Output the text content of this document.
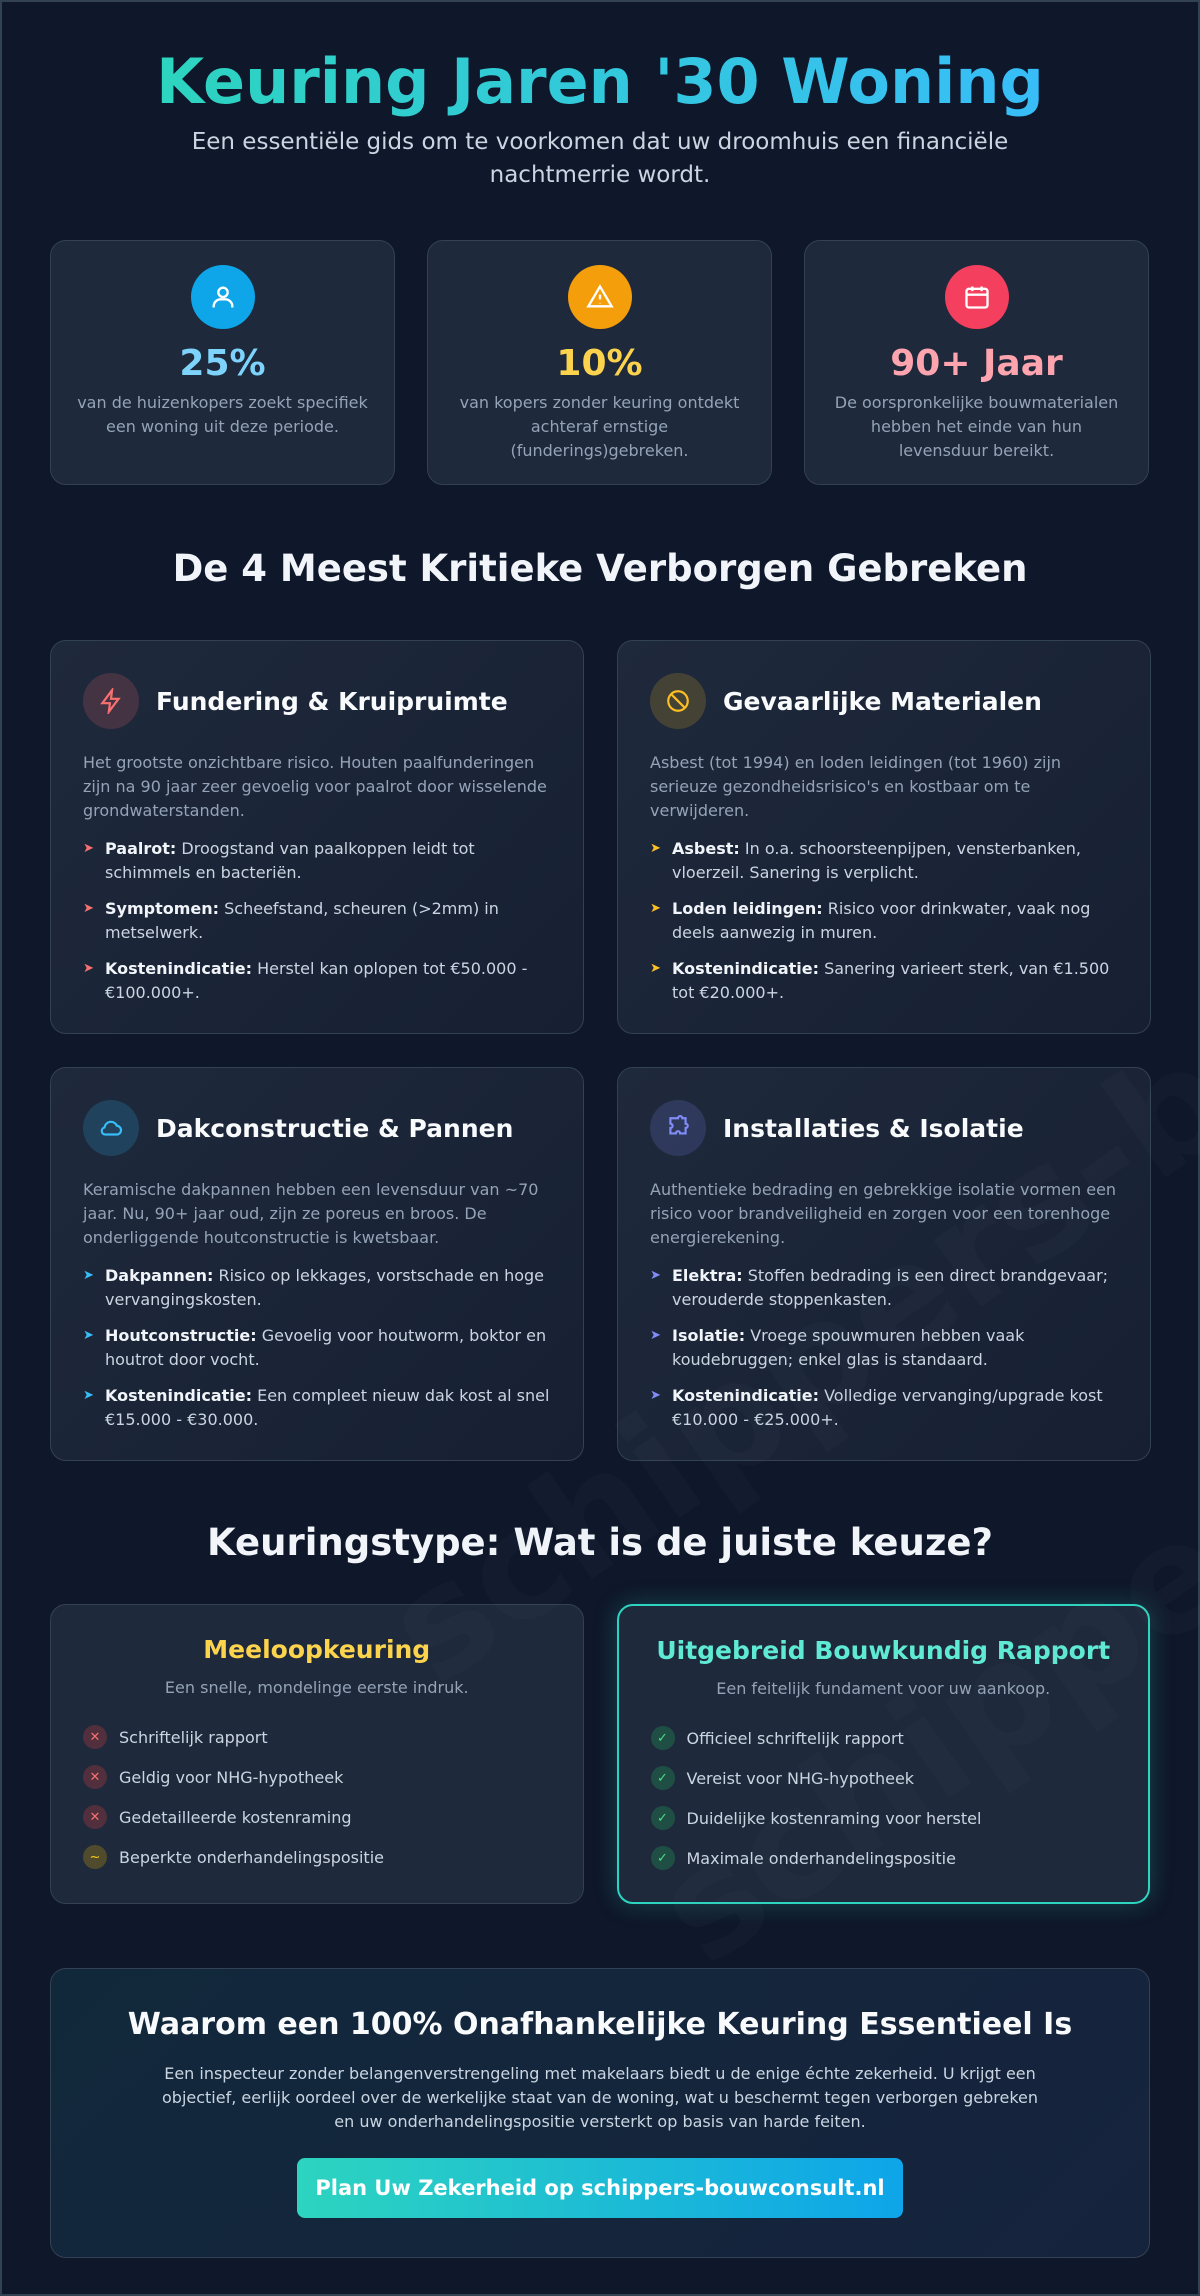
Keuring Jaren '30 Woning

Een essentiële gids om te voorkomen dat uw droomhuis een financiële nachtmerrie wordt.

25%

van de huizenkopers zoekt specifiek een woning uit deze periode.

10%

van kopers zonder keuring ontdekt achteraf ernstige (funderings)gebreken.

90+ Jaar

De oorspronkelijke bouwmaterialen hebben het einde van hun levensduur bereikt.

De 4 Meest Kritieke Verborgen Gebreken
Fundering & Kruipruimte

Het grootste onzichtbare risico. Houten paalfunderingen zijn na 90 jaar zeer gevoelig voor paalrot door wisselende grondwaterstanden.

➤ Paalrot: Droogstand van paalkoppen leidt tot schimmels en bacteriën.
➤ Symptomen: Scheefstand, scheuren (>2mm) in metselwerk.
➤ Kostenindicatie: Herstel kan oplopen tot €50.000 - €100.000+.
Gevaarlijke Materialen

Asbest (tot 1994) en loden leidingen (tot 1960) zijn serieuze gezondheidsrisico's en kostbaar om te verwijderen.

➤ Asbest: In o.a. schoorsteenpijpen, vensterbanken, vloerzeil. Sanering is verplicht.
➤ Loden leidingen: Risico voor drinkwater, vaak nog deels aanwezig in muren.
➤ Kostenindicatie: Sanering varieert sterk, van €1.500 tot €20.000+.
Dakconstructie & Pannen

Keramische dakpannen hebben een levensduur van ~70 jaar. Nu, 90+ jaar oud, zijn ze poreus en broos. De onderliggende houtconstructie is kwetsbaar.

➤ Dakpannen: Risico op lekkages, vorstschade en hoge vervangingskosten.
➤ Houtconstructie: Gevoelig voor houtworm, boktor en houtrot door vocht.
➤ Kostenindicatie: Een compleet nieuw dak kost al snel €15.000 - €30.000.
Installaties & Isolatie

Authentieke bedrading en gebrekkige isolatie vormen een risico voor brandveiligheid en zorgen voor een torenhoge energierekening.

➤ Elektra: Stoffen bedrading is een direct brandgevaar; verouderde stoppenkasten.
➤ Isolatie: Vroege spouwmuren hebben vaak koudebruggen; enkel glas is standaard.
➤ Kostenindicatie: Volledige vervanging/upgrade kost €10.000 - €25.000+.
Keuringstype: Wat is de juiste keuze?
Meeloopkeuring

Een snelle, mondelinge eerste indruk.

✕	Schriftelijk rapport
✕	Geldig voor NHG-hypotheek
✕	Gedetailleerde kostenraming
~	Beperkte onderhandelingspositie
Uitgebreid Bouwkundig Rapport

Een feitelijk fundament voor uw aankoop.

✓	Officieel schriftelijk rapport
✓	Vereist voor NHG-hypotheek
✓	Duidelijke kostenraming voor herstel
✓	Maximale onderhandelingspositie
Waarom een 100% Onafhankelijke Keuring Essentieel Is

Een inspecteur zonder belangenverstrengeling met makelaars biedt u de enige échte zekerheid. U krijgt een objectief, eerlijk oordeel over de werkelijke staat van de woning, wat u beschermt tegen verborgen gebreken en uw onderhandelingspositie versterkt op basis van harde feiten.

Plan Uw Zekerheid op schippers-bouwconsult.nl
